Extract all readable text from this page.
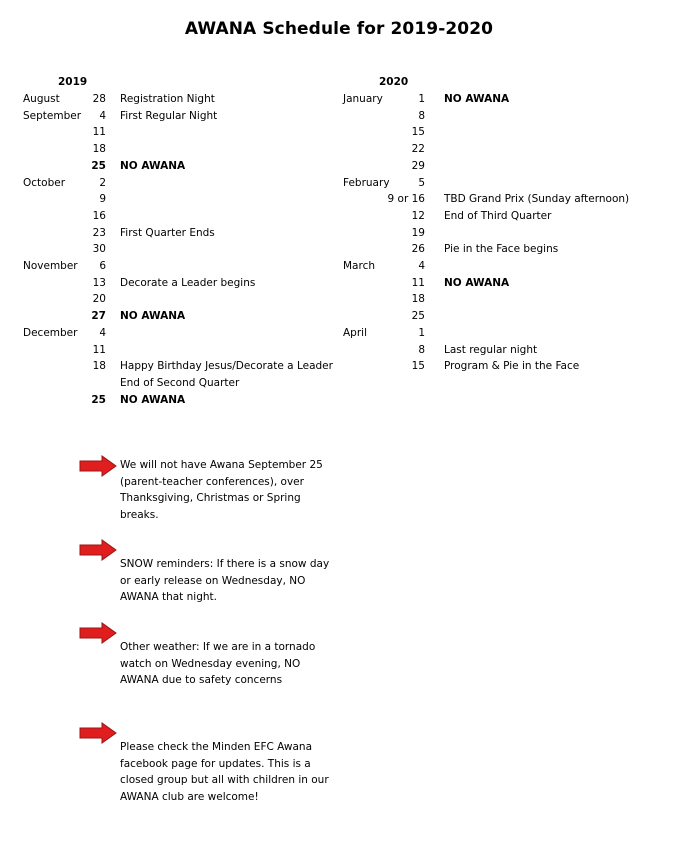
AWANA Schedule for 2019-2020
2019	2020
August	28 Registration Night
September	4 First Regular Night
11
18
25 NO AWANA
October	2
9
16
23 First Quarter Ends
30
November	6
13 Decorate a Leader begins
20
27 NO AWANA
December	4
11
18 Happy Birthday Jesus/Decorate a Leader
End of Second Quarter
25 NO AWANA
January	1 NO AWANA
8
15
22
29
February	5
9 or 16 TBD Grand Prix (Sunday afternoon)
12 End of Third Quarter
19
26 Pie in the Face begins
March	4
11 NO AWANA
18
25
April	1
8 Last regular night
15 Program & Pie in the Face
We will not have Awana September 25 (parent-teacher conferences), over Thanksgiving, Christmas or Spring breaks.
SNOW reminders: If there is a snow day or early release on Wednesday, NO AWANA that night.
Other weather: If we are in a tornado watch on Wednesday evening, NO AWANA due to safety concerns
Please check the Minden EFC Awana facebook page for updates. This is a closed group but all with children in our AWANA club are welcome!
